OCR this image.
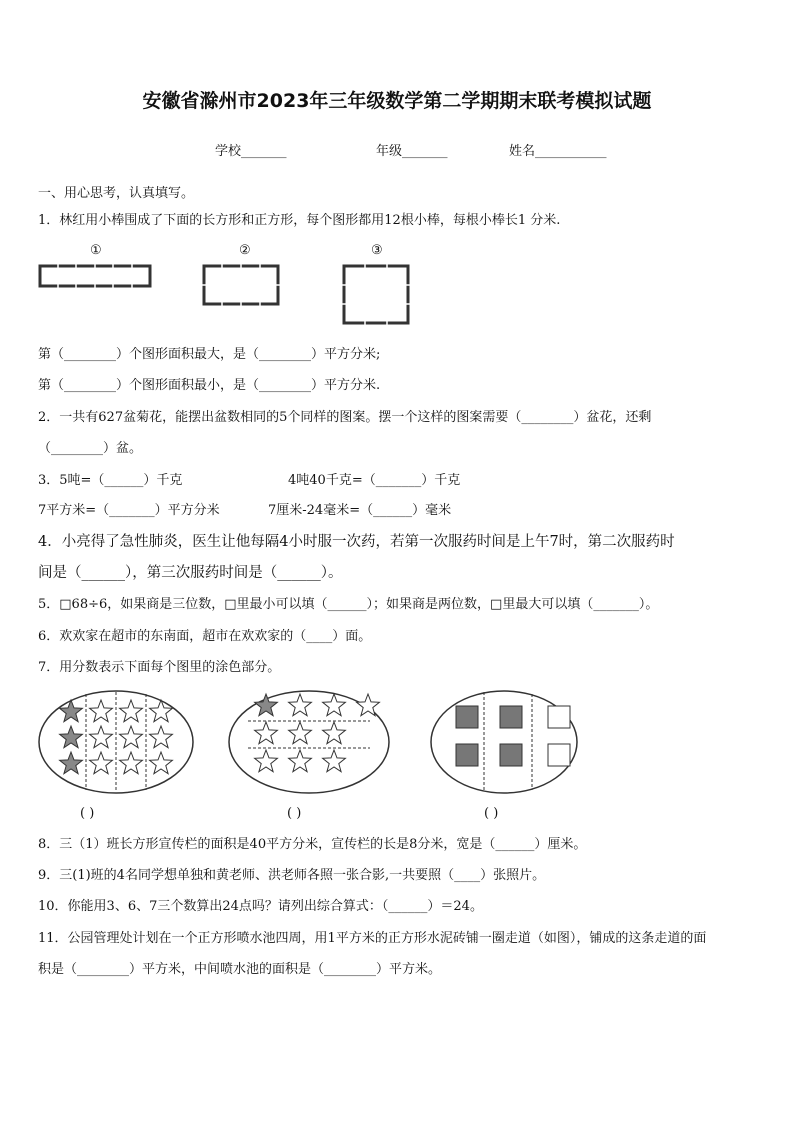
安徽省滁州市2023年三年级数学第二学期期末联考模拟试题
学校_______	年级_______	姓名___________
一、用心思考，认真填写。
1．林红用小棒围成了下面的长方形和正方形，每个图形都用12根小棒，每根小棒长1 分米.
①	②	③
第（________）个图形面积最大，是（________）平方分米;
第（________）个图形面积最小，是（________）平方分米.
2．一共有627盆菊花，能摆出盆数相同的5个同样的图案。摆一个这样的图案需要（________）盆花，还剩
（________）盆。
3．5吨=（______）千克	4吨40千克=（_______）千克
7平方米=（_______）平方分米	7厘米-24毫米=（______）毫米
4．小亮得了急性肺炎，医生让他每隔4小时服一次药，若第一次服药时间是上午7时，第二次服药时
间是（______），第三次服药时间是（______）。
5．□68÷6，如果商是三位数，□里最小可以填（______）；如果商是两位数，□里最大可以填（_______）。
6．欢欢家在超市的东南面，超市在欢欢家的（____）面。
7．用分数表示下面每个图里的涂色部分。
( )	( )	( )
8．三（1）班长方形宣传栏的面积是40平方分米，宣传栏的长是8分米，宽是（______）厘米。
9．三(1)班的4名同学想单独和黄老师、洪老师各照一张合影,一共要照（____）张照片。
10．你能用3、6、7三个数算出24点吗？请列出综合算式：（______）＝24。
11．公园管理处计划在一个正方形喷水池四周，用1平方米的正方形水泥砖铺一圈走道（如图），铺成的这条走道的面
积是（________）平方米，中间喷水池的面积是（________）平方米。
